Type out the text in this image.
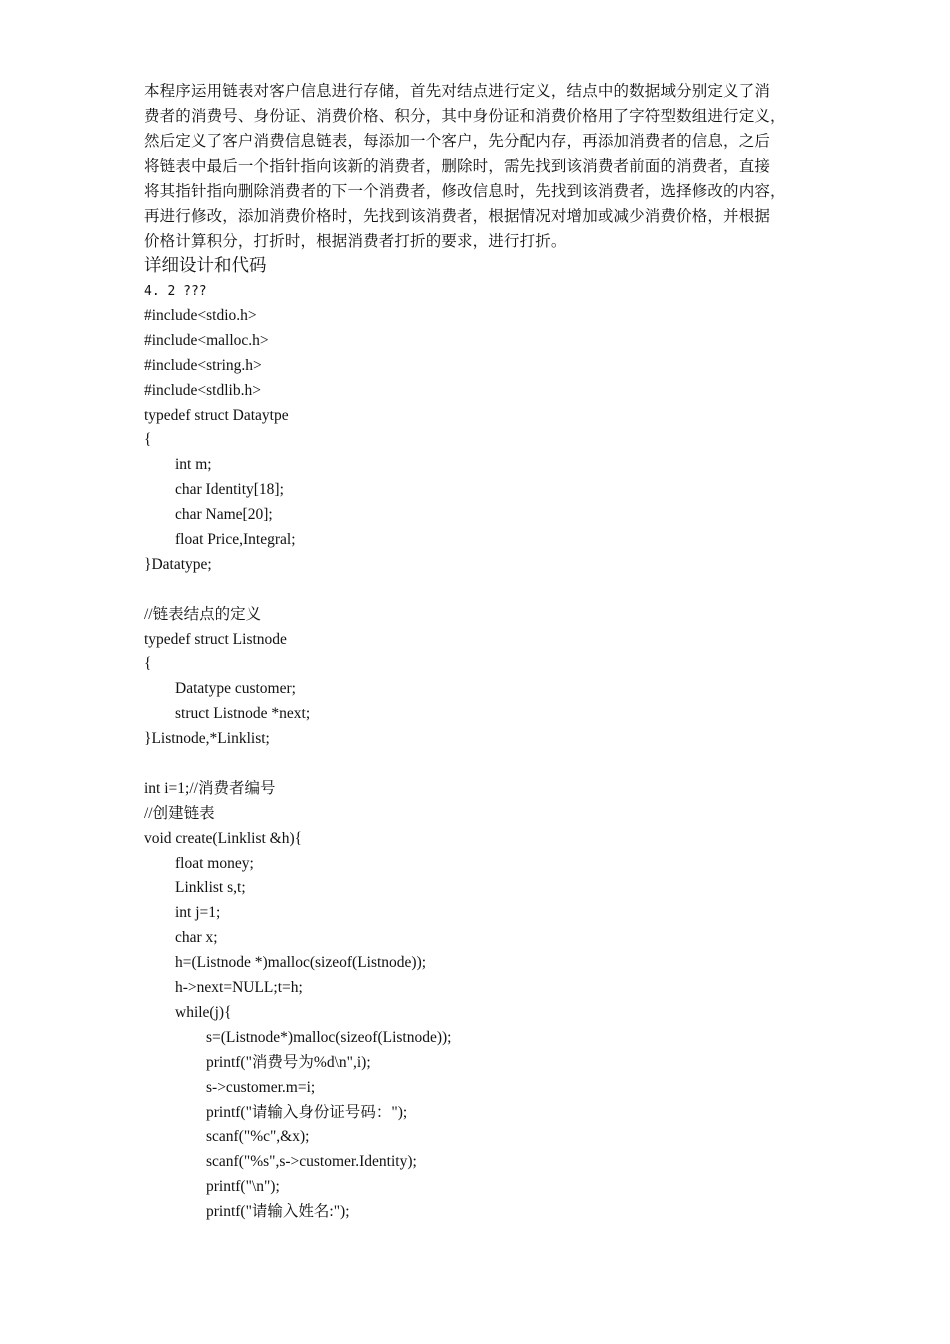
本程序运用链表对客户信息进行存储，首先对结点进行定义，结点中的数据域分别定义了消
费者的消费号、身份证、消费价格、积分，其中身份证和消费价格用了字符型数组进行定义，
然后定义了客户消费信息链表，每添加一个客户，先分配内存，再添加消费者的信息，之后
将链表中最后一个指针指向该新的消费者，删除时，需先找到该消费者前面的消费者，直接
将其指针指向删除消费者的下一个消费者，修改信息时，先找到该消费者，选择修改的内容，
再进行修改，添加消费价格时，先找到该消费者，根据情况对增加或减少消费价格，并根据
价格计算积分，打折时，根据消费者打折的要求，进行打折。
详细设计和代码
4. 2 ???
#include<stdio.h>
#include<malloc.h>
#include<string.h>
#include<stdlib.h>
typedef struct Dataytpe
{
int m;
char Identity[18];
char Name[20];
float Price,Integral;
}Datatype;
//链表结点的定义
typedef struct Listnode
{
Datatype customer;
struct Listnode *next;
}Listnode,*Linklist;
int i=1;//消费者编号
//创建链表
void create(Linklist &h){
float money;
Linklist s,t;
int j=1;
char x;
h=(Listnode *)malloc(sizeof(Listnode));
h->next=NULL;t=h;
while(j){
s=(Listnode*)malloc(sizeof(Listnode));
printf("消费号为%d\n",i);
s->customer.m=i;
printf("请输入身份证号码：");
scanf("%c",&x);
scanf("%s",s->customer.Identity);
printf("\n");
printf("请输入姓名:");
